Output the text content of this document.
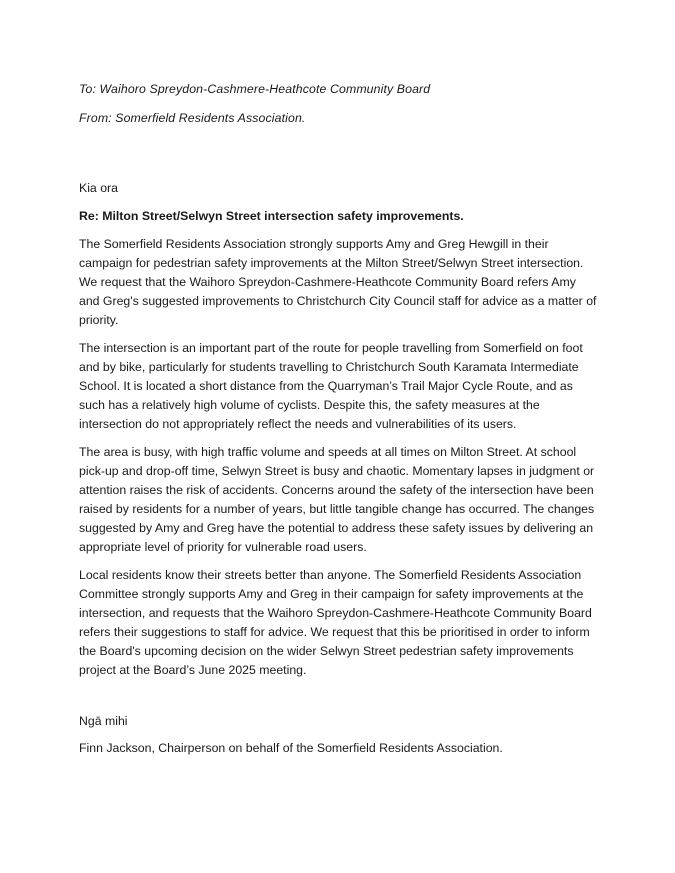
To: Waihoro Spreydon-Cashmere-Heathcote Community Board

From: Somerfield Residents Association.

Kia ora

Re: Milton Street/Selwyn Street intersection safety improvements.

The Somerfield Residents Association strongly supports Amy and Greg Hewgill in their campaign for pedestrian safety improvements at the Milton Street/Selwyn Street intersection. We request that the Waihoro Spreydon-Cashmere-Heathcote Community Board refers Amy and Greg's suggested improvements to Christchurch City Council staff for advice as a matter of priority.

The intersection is an important part of the route for people travelling from Somerfield on foot and by bike, particularly for students travelling to Christchurch South Karamata Intermediate School. It is located a short distance from the Quarryman’s Trail Major Cycle Route, and as such has a relatively high volume of cyclists. Despite this, the safety measures at the intersection do not appropriately reflect the needs and vulnerabilities of its users.

The area is busy, with high traffic volume and speeds at all times on Milton Street. At school pick-up and drop-off time, Selwyn Street is busy and chaotic. Momentary lapses in judgment or attention raises the risk of accidents. Concerns around the safety of the intersection have been raised by residents for a number of years, but little tangible change has occurred. The changes suggested by Amy and Greg have the potential to address these safety issues by delivering an appropriate level of priority for vulnerable road users.

Local residents know their streets better than anyone. The Somerfield Residents Association Committee strongly supports Amy and Greg in their campaign for safety improvements at the intersection, and requests that the Waihoro Spreydon-Cashmere-Heathcote Community Board refers their suggestions to staff for advice. We request that this be prioritised in order to inform the Board's upcoming decision on the wider Selwyn Street pedestrian safety improvements project at the Board’s June 2025 meeting.

Ngā mihi

Finn Jackson, Chairperson on behalf of the Somerfield Residents Association.
